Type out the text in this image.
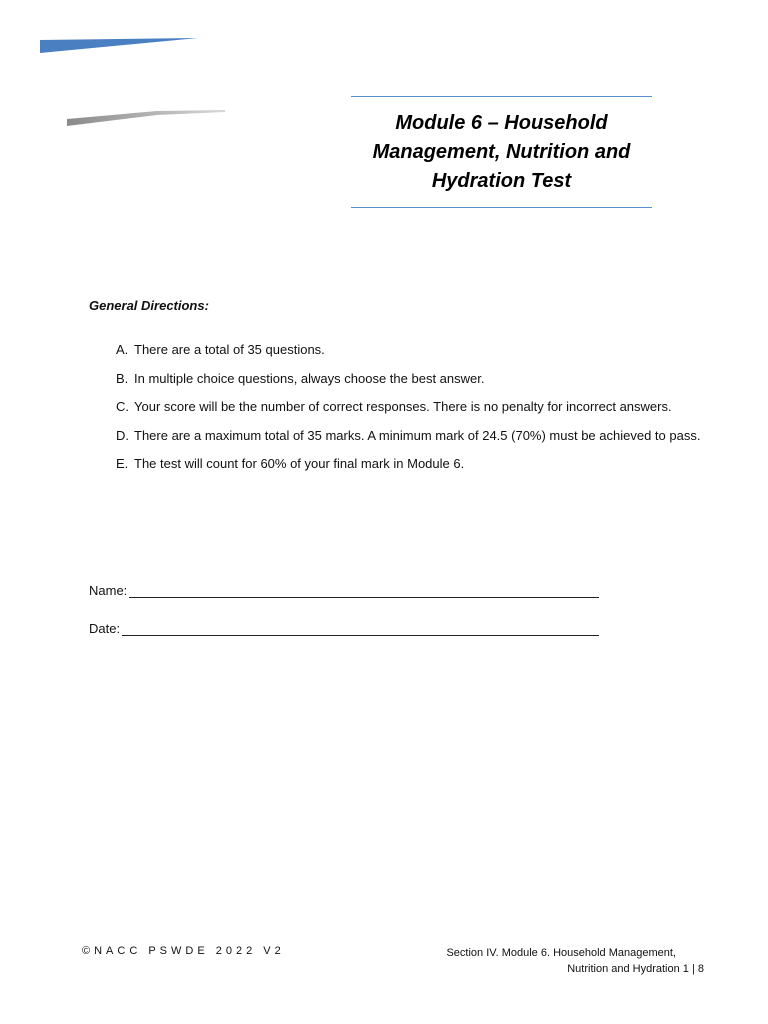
Module 6 – Household Management, Nutrition and Hydration Test
General Directions:
A. There are a total of 35 questions.
B. In multiple choice questions, always choose the best answer.
C. Your score will be the number of correct responses. There is no penalty for incorrect answers.
D. There are a maximum total of 35 marks. A minimum mark of 24.5 (70%) must be achieved to pass.
E. The test will count for 60% of your final mark in Module 6.
Name:
Date:
©NACC PSWDE 2022 V2	Section IV. Module 6. Household Management,
Nutrition and Hydration 1 | 8
